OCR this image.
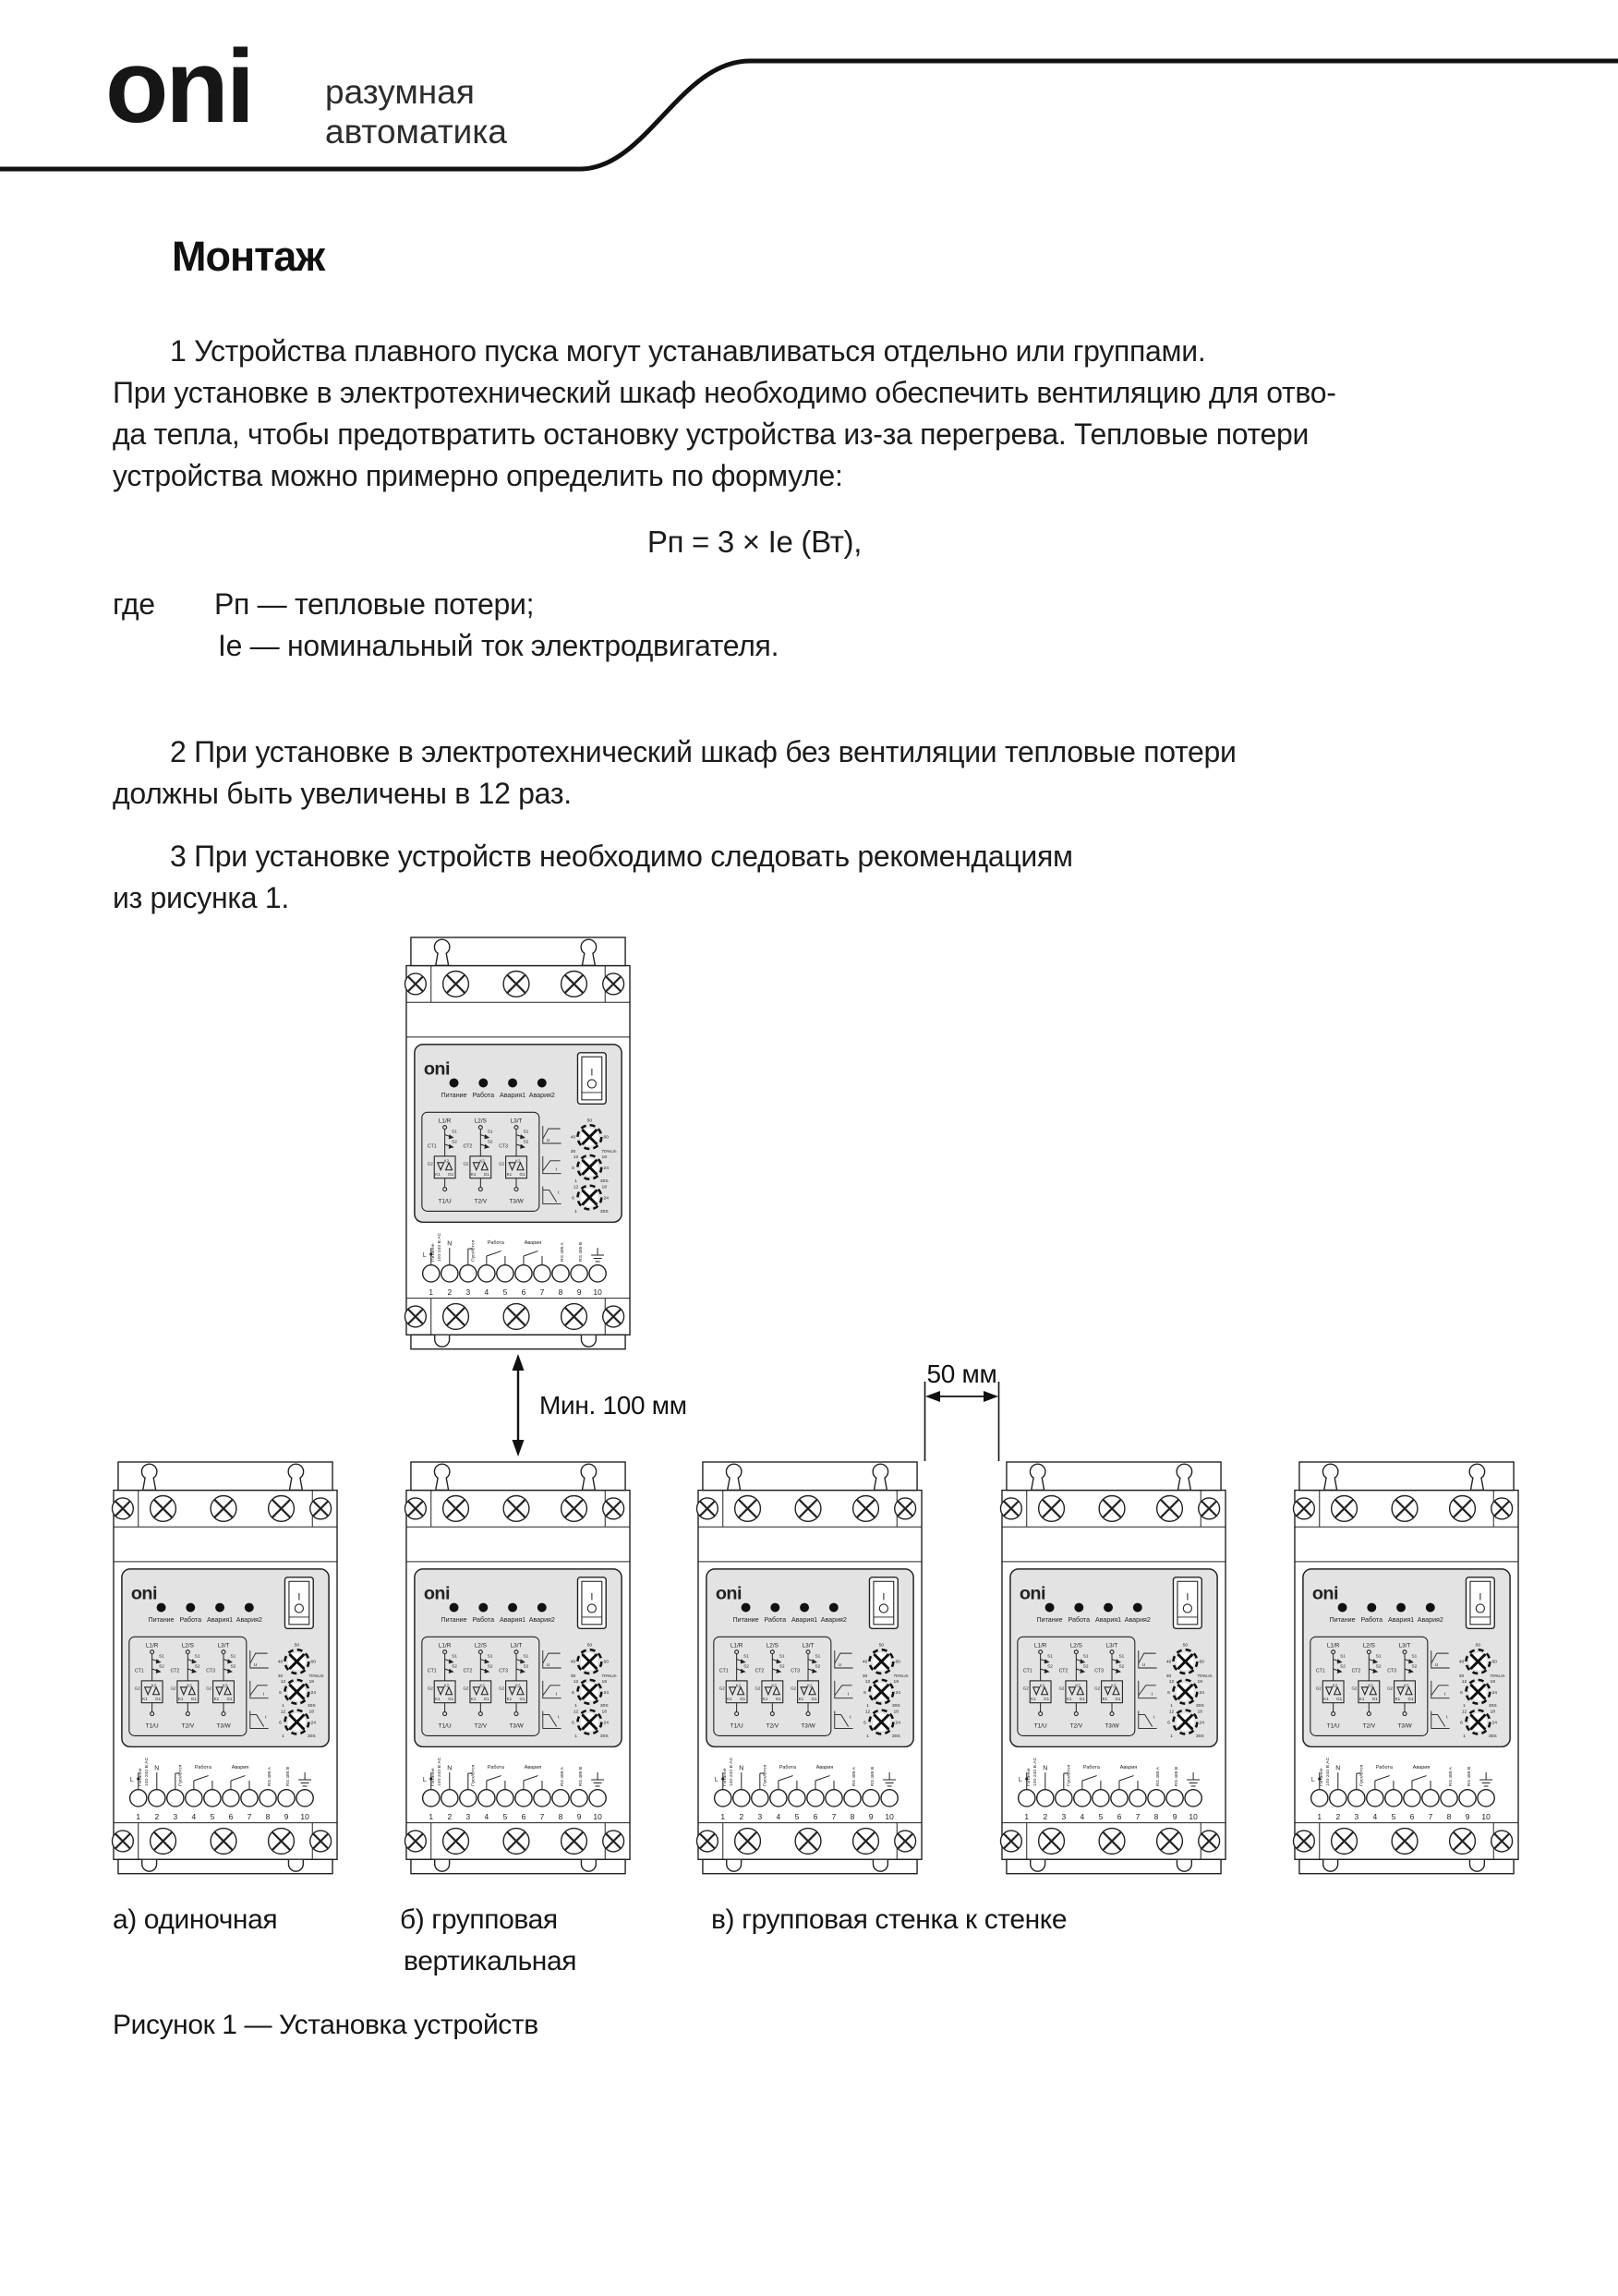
oni разумная
автоматика
Монтаж
1 Устройства плавного пуска могут устанавливаться отдельно или группами.
При установке в электротехнический шкаф необходимо обеспечить вентиляцию для отво-
да тепла, чтобы предотвратить остановку устройства из-за перегрева. Тепловые потери
устройства можно примерно определить по формуле:
Рп = 3 × Ie (Вт),
где Рп — тепловые потери;
Ie — номинальный ток электродвигателя.
2 При установке в электротехнический шкаф без вентиляции тепловые потери
должны быть увеличены в 12 раз.
3 При установке устройств необходимо следовать рекомендациям
из рисунка 1.
oni
Питание Работа Авария1 Авария2
I
L1/R
S1
S2
CT1
K2
G2
K1 G1
T1/U
L2/S
S1
S2
CT2
K2
G2
K1 G1
T2/V
L3/T
S1
S2
CT3
K2
G2
K1 G1
T3/W
50
40	60
30	70%Un
12	18
6	24
1	30S
12	18
6	24
1	30S
U
t
t
L
N
Питание 100-240 В AC	Пуск/Стоп Работа	Авария	RS 485 A	RS 485 B
1 2 3 4 5 6 7 8 9 10
oni
Питание Работа Авария1 Авария2
I
L1/R
S1
S2
CT1
K2
G2
K1 G1
T1/U
L2/S
S1
S2
CT2
K2
G2
K1 G1
T2/V
L3/T
S1
S2
CT3
K2
G2
K1 G1
T3/W
50
40	60
30	70%Un
12	18
6	24
1	30S
12	18
6	24
1	30S
U
t
t
L
N
Питание 100-240 В AC	Пуск/Стоп Работа	Авария	RS 485 A	RS 485 B
1 2 3 4 5 6 7 8 9 10
oni
Питание Работа Авария1 Авария2
I
L1/R
S1
S2
CT1
K2
G2
K1 G1
T1/U
L2/S
S1
S2
CT2
K2
G2
K1 G1
T2/V
L3/T
S1
S2
CT3
K2
G2
K1 G1
T3/W
50
40	60
30	70%Un
12	18
6	24
1	30S
12	18
6	24
1	30S
U
t
t
L
N
Питание 100-240 В AC	Пуск/Стоп Работа	Авария	RS 485 A	RS 485 B
1 2 3 4 5 6 7 8 9 10
oni
Питание Работа Авария1 Авария2
I
L1/R
S1
S2
CT1
K2
G2
K1 G1
T1/U
L2/S
S1
S2
CT2
K2
G2
K1 G1
T2/V
L3/T
S1
S2
CT3
K2
G2
K1 G1
T3/W
50
40	60
30	70%Un
12	18
6	24
1	30S
12	18
6	24
1	30S
U
t
t
L
N
Питание 100-240 В AC	Пуск/Стоп Работа	Авария	RS 485 A	RS 485 B
1 2 3 4 5 6 7 8 9 10
oni
Питание Работа Авария1 Авария2
I
L1/R
S1
S2
CT1
K2
G2
K1 G1
T1/U
L2/S
S1
S2
CT2
K2
G2
K1 G1
T2/V
L3/T
S1
S2
CT3
K2
G2
K1 G1
T3/W
50
40	60
30	70%Un
12	18
6	24
1	30S
12	18
6	24
1	30S
U
t
t
L
N
Питание 100-240 В AC	Пуск/Стоп Работа	Авария	RS 485 A	RS 485 B
1 2 3 4 5 6 7 8 9 10
oni
Питание Работа Авария1 Авария2
I
L1/R
S1
S2
CT1
K2
G2
K1 G1
T1/U
L2/S
S1
S2
CT2
K2
G2
K1 G1
T2/V
L3/T
S1
S2
CT3
K2
G2
K1 G1
T3/W
50
40	60
30	70%Un
12	18
6	24
1	30S
12	18
6	24
1	30S
U
t
t
L
N
Питание 100-240 В AC	Пуск/Стоп Работа	Авария	RS 485 A	RS 485 B
1 2 3 4 5 6 7 8 9 10
Мин. 100 мм
50 мм
а) одиночная	б) групповая
вертикальная
в) групповая стенка к стенке
Рисунок 1 — Установка устройств
